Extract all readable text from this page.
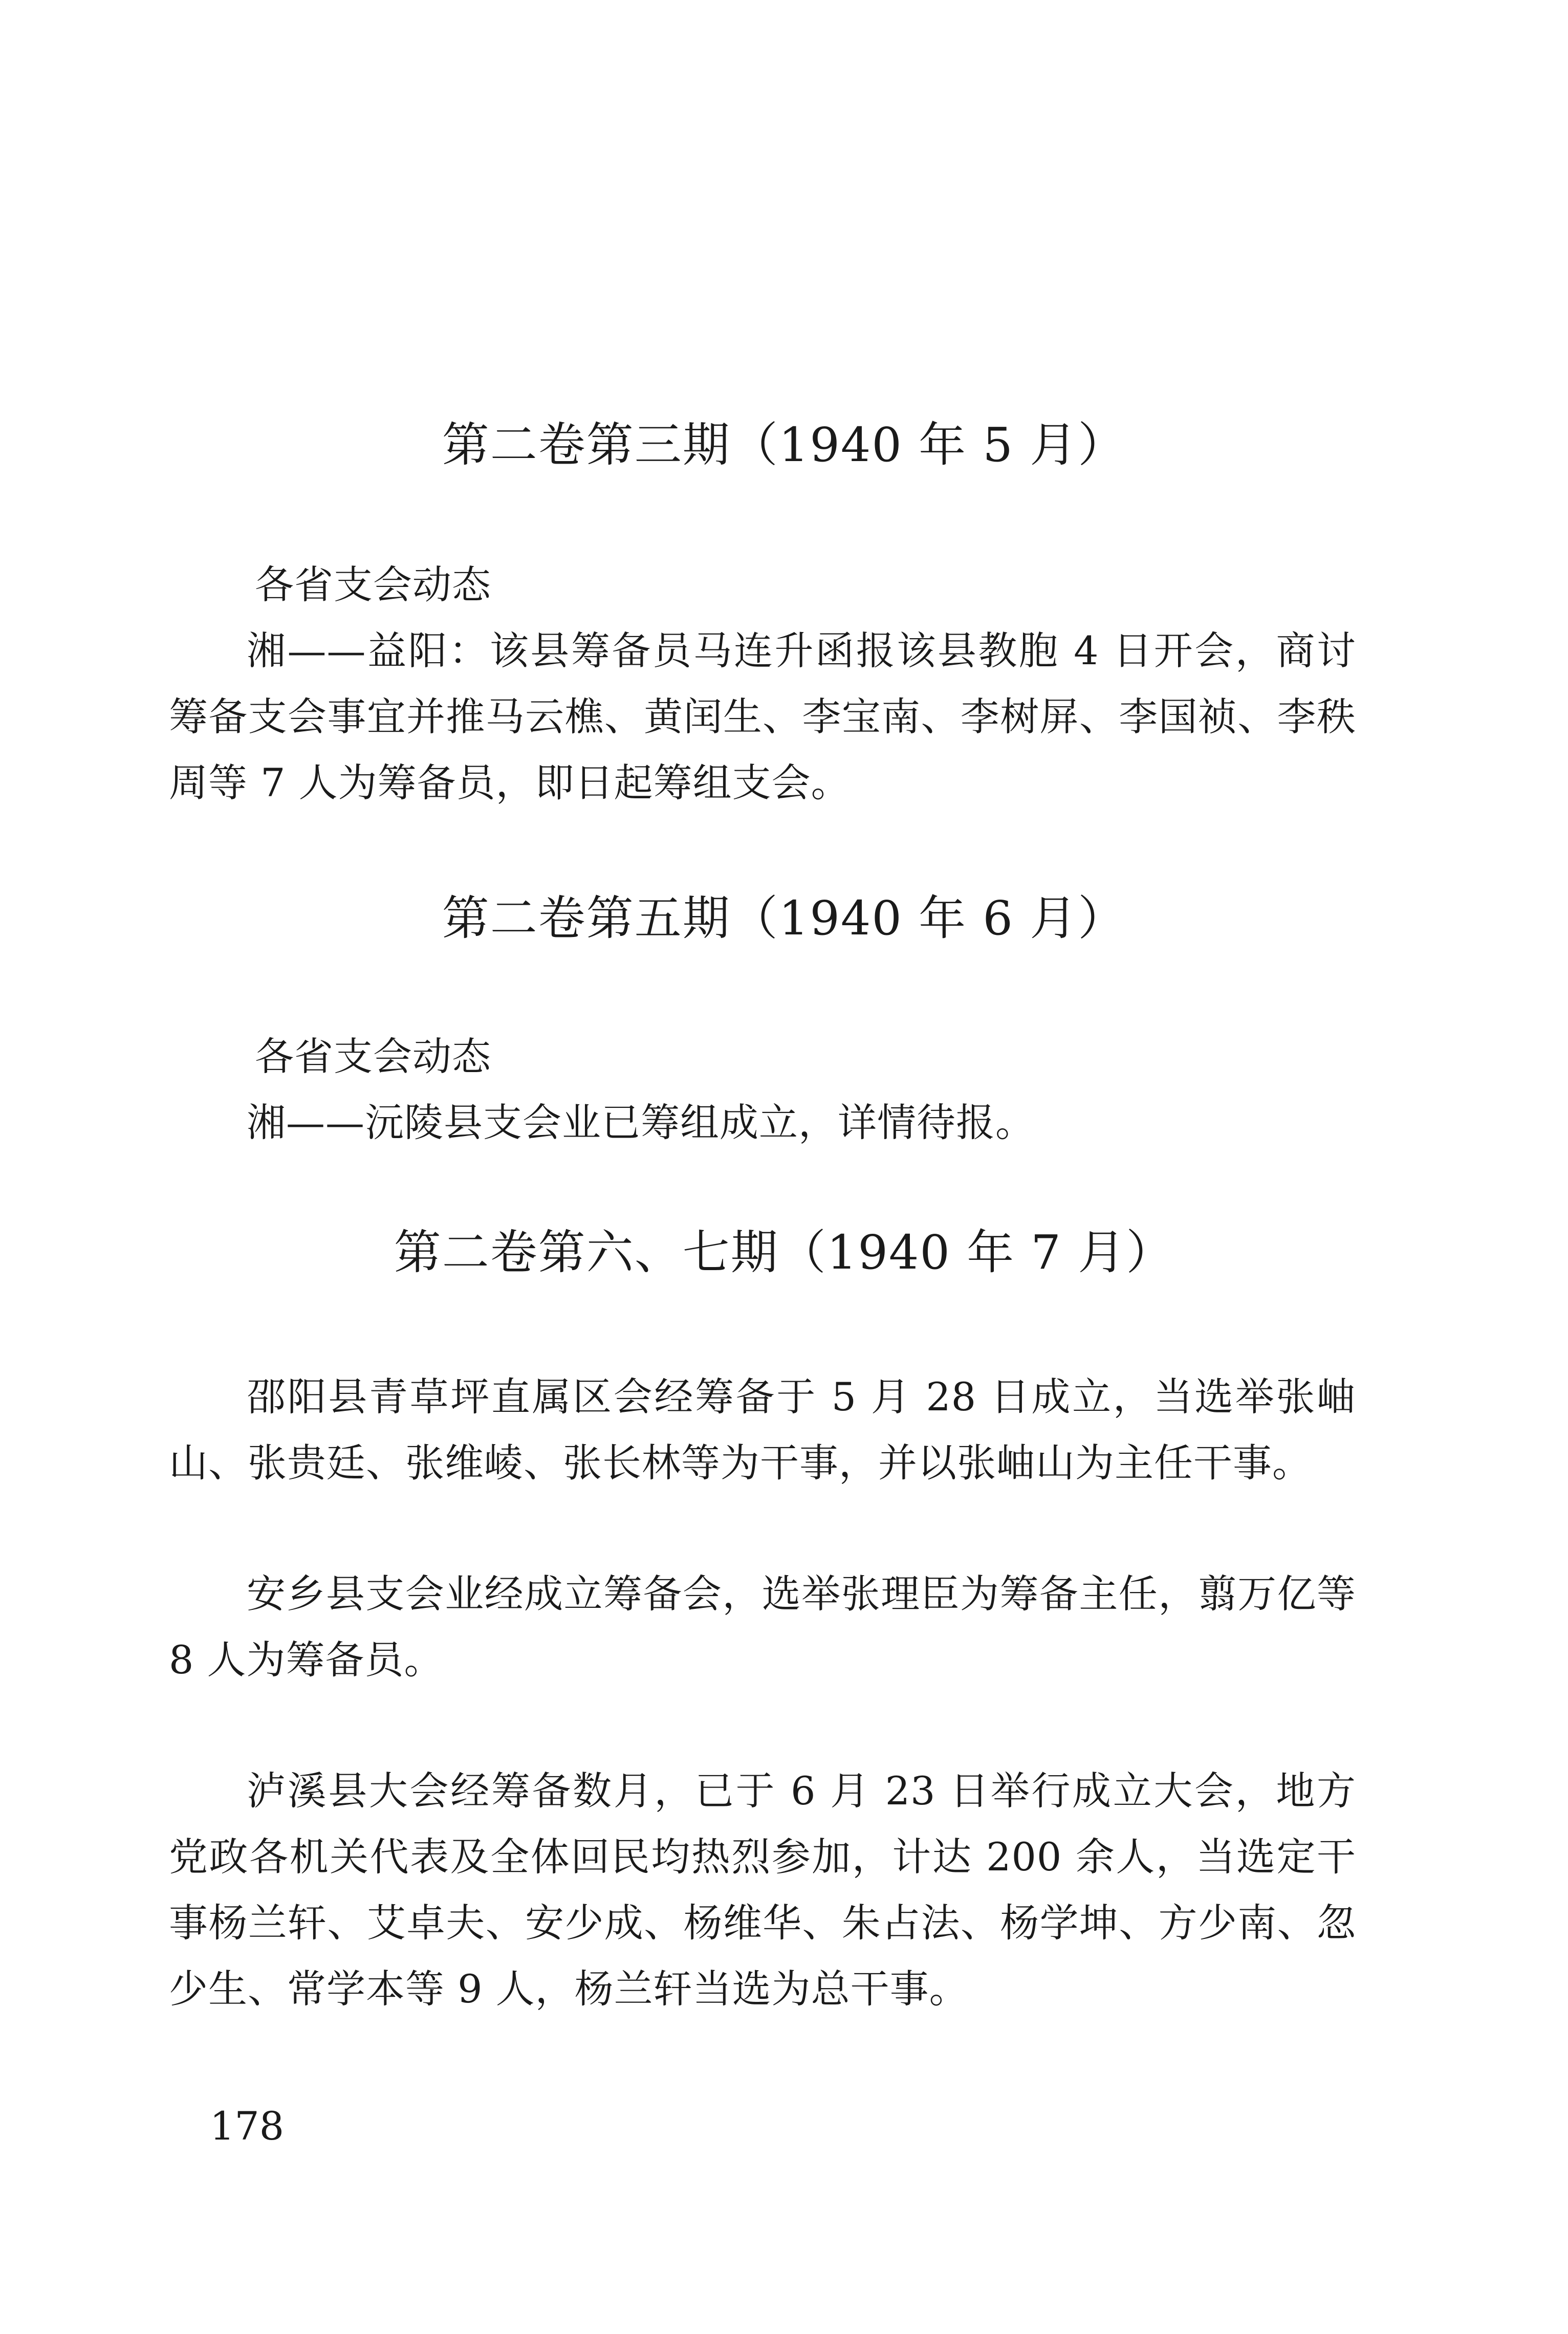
第二卷第三期（1940 年 5 月）
各省支会动态

湘——益阳：该县筹备员马连升函报该县教胞 4 日开会，商讨筹备支会事宜并推马云樵、黄闰生、李宝南、李树屏、李国祯、李秩周等 7 人为筹备员，即日起筹组支会。

第二卷第五期（1940 年 6 月）
各省支会动态

湘——沅陵县支会业已筹组成立，详情待报。

第二卷第六、七期（1940 年 7 月）

邵阳县青草坪直属区会经筹备于 5 月 28 日成立，当选举张岫山、张贵廷、张维崚、张长林等为干事，并以张岫山为主任干事。

安乡县支会业经成立筹备会，选举张理臣为筹备主任，翦万亿等 8 人为筹备员。

泸溪县大会经筹备数月，已于 6 月 23 日举行成立大会，地方党政各机关代表及全体回民均热烈参加，计达 200 余人，当选定干事杨兰轩、艾卓夫、安少成、杨维华、朱占法、杨学坤、方少南、忽少生、常学本等 9 人，杨兰轩当选为总干事。

178
